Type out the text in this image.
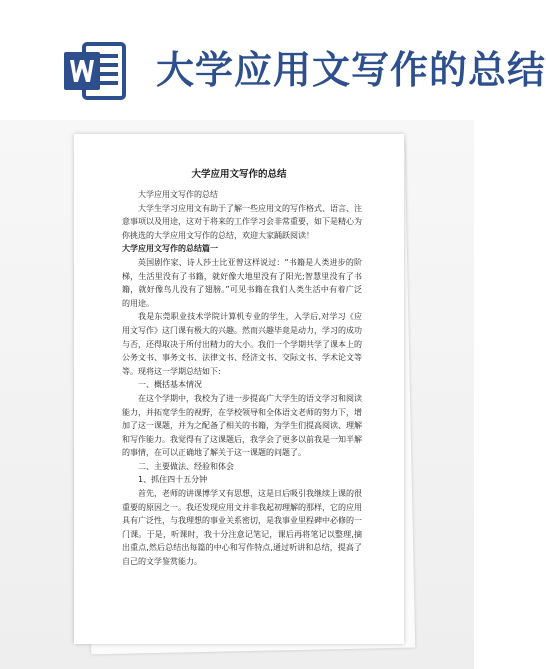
大学应用文写作的总结
大学应用文写作的总结

大学应用文写作的总结

大学生学习应用文有助于了解一些应用文的写作格式、语言、注意事项以及用途，这对于将来的工作学习会非常重要，如下是精心为你挑选的大学应用文写作的总结，欢迎大家踊跃阅读！

大学应用文写作的总结篇一

英国剧作家、诗人莎士比亚曾这样说过：“书籍是人类进步的阶梯，生活里没有了书籍，就好像大地里没有了阳光;智慧里没有了书籍，就好像鸟儿没有了翅膀。”可见书籍在我们人类生活中有着广泛的用途。

我是东莞职业技术学院计算机专业的学生，入学后,对学习《应用文写作》这门课有极大的兴趣。然而兴趣毕竟是动力，学习的成功与否，还得取决于所付出精力的大小。我们一个学期共学了课本上的公务文书、事务文书、法律文书、经济文书、交际文书、学术论文等等。现将这一学期总结如下:

一、概括基本情况

在这个学期中，我校为了进一步提高广大学生的语文学习和阅读能力，并拓宽学生的视野，在学校领导和全体语文老师的努力下，增加了这一课题，并为之配备了相关的书籍，为学生们提高阅读、理解和写作能力。我觉得有了这课题后，我学会了更多以前我是一知半解的事情，在可以正确地了解关于这一课题的问题了。

二、主要做法、经验和体会

1、抓住四十五分钟

首先，老师的讲课博学又有思想，这是日后吸引我继续上课的很重要的原因之一。我还发现应用文并非我起初理解的那样，它的应用具有广泛性，与我理想的事业关系密切，是我事业里程碑中必修的一门课。于是，听课时，我十分注意记笔记，课后再将笔记以整理,摘出重点,然后总结出每篇的中心和写作特点,通过听讲和总结，提高了自己的文学鉴赏能力。
